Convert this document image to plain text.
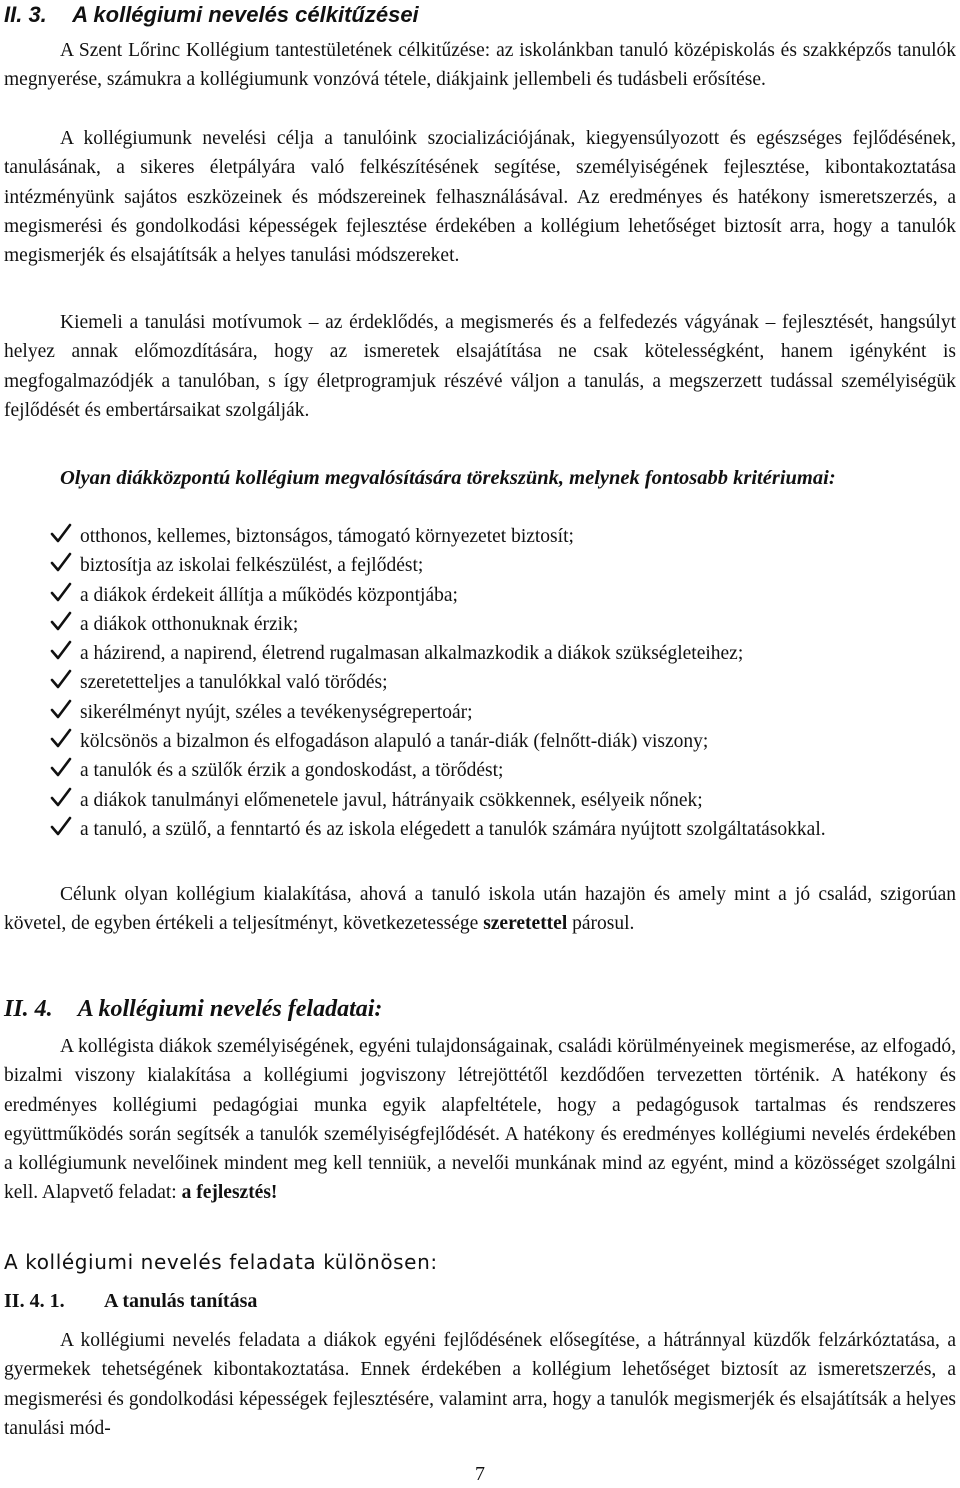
II. 3. A kollégiumi nevelés célkitűzései

A Szent Lőrinc Kollégium tantestületének célkitűzése: az iskolánkban tanuló középiskolás és szakképzős tanulók megnyerése, számukra a kollégiumunk vonzóvá tétele, diákjaink jellembeli és tudásbeli erősítése.

A kollégiumunk nevelési célja a tanulóink szocializációjának, kiegyensúlyozott és egészséges fejlődésének, tanulásának, a sikeres életpályára való felkészítésének segítése, személyiségének fejlesztése, kibontakoztatása intézményünk sajátos eszközeinek és módszereinek felhasználásával. Az eredményes és hatékony ismeretszerzés, a megismerési és gondolkodási képességek fejlesztése érdekében a kollégium lehetőséget biztosít arra, hogy a tanulók megismerjék és elsajátítsák a helyes tanulási módszereket.

Kiemeli a tanulási motívumok – az érdeklődés, a megismerés és a felfedezés vágyának – fejlesztését, hangsúlyt helyez annak előmozdítására, hogy az ismeretek elsajátítása ne csak kötelességként, hanem igényként is megfogalmazódjék a tanulóban, s így életprogramjuk részévé váljon a tanulás, a megszerzett tudással személyiségük fejlődését és embertársaikat szolgálják.

Olyan diákközpontú kollégium megvalósítására törekszünk, melynek fontosabb kritériumai:

otthonos, kellemes, biztonságos, támogató környezetet biztosít;
biztosítja az iskolai felkészülést, a fejlődést;
a diákok érdekeit állítja a működés központjába;
a diákok otthonuknak érzik;
a házirend, a napirend, életrend rugalmasan alkalmazkodik a diákok szükségleteihez;
szeretetteljes a tanulókkal való törődés;
sikerélményt nyújt, széles a tevékenységrepertoár;
kölcsönös a bizalmon és elfogadáson alapuló a tanár-diák (felnőtt-diák) viszony;
a tanulók és a szülők érzik a gondoskodást, a törődést;
a diákok tanulmányi előmenetele javul, hátrányaik csökkennek, esélyeik nőnek;
a tanuló, a szülő, a fenntartó és az iskola elégedett a tanulók számára nyújtott szolgáltatásokkal.

Célunk olyan kollégium kialakítása, ahová a tanuló iskola után hazajön és amely mint a jó család, szigorúan követel, de egyben értékeli a teljesítményt, következetessége szeretettel párosul.

II. 4. A kollégiumi nevelés feladatai:

A kollégista diákok személyiségének, egyéni tulajdonságainak, családi körülményeinek megismerése, az elfogadó, bizalmi viszony kialakítása a kollégiumi jogviszony létrejöttétől kezdődően tervezetten történik. A hatékony és eredményes kollégiumi pedagógiai munka egyik alapfeltétele, hogy a pedagógusok tartalmas és rendszeres együttműködés során segítsék a tanulók személyiségfejlődését. A hatékony és eredményes kollégiumi nevelés érdekében a kollégiumunk nevelőinek mindent meg kell tenniük, a nevelői munkának mind az egyént, mind a közösséget szolgálni kell. Alapvető feladat: a fejlesztés!

A kollégiumi nevelés feladata különösen:
II. 4. 1. A tanulás tanítása

A kollégiumi nevelés feladata a diákok egyéni fejlődésének elősegítése, a hátránnyal küzdők felzárkóztatása, a gyermekek tehetségének kibontakoztatása. Ennek érdekében a kollégium lehetőséget biztosít az ismeretszerzés, a megismerési és gondolkodási képességek fejlesztésére, valamint arra, hogy a tanulók megismerjék és elsajátítsák a helyes tanulási mód-

7
